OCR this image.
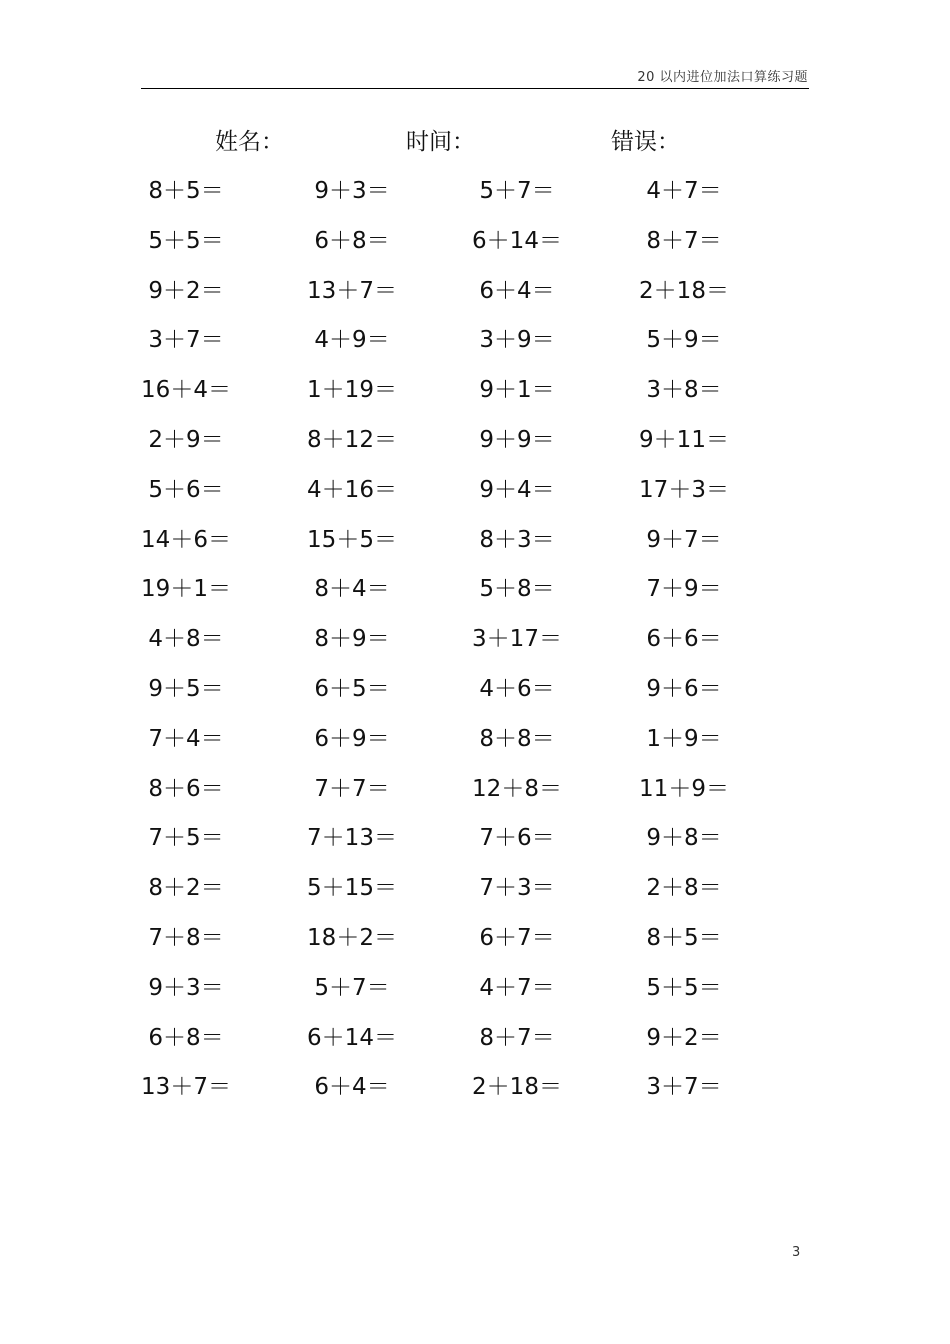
20 以内进位加法口算练习题
姓名：	时间：	错误：
8＋5＝	9＋3＝	5＋7＝	4＋7＝
5＋5＝	6＋8＝	6＋14＝	8＋7＝
9＋2＝	13＋7＝	6＋4＝	2＋18＝
3＋7＝	4＋9＝	3＋9＝	5＋9＝
16＋4＝	1＋19＝	9＋1＝	3＋8＝
2＋9＝	8＋12＝	9＋9＝	9＋11＝
5＋6＝	4＋16＝	9＋4＝	17＋3＝
14＋6＝	15＋5＝	8＋3＝	9＋7＝
19＋1＝	8＋4＝	5＋8＝	7＋9＝
4＋8＝	8＋9＝	3＋17＝	6＋6＝
9＋5＝	6＋5＝	4＋6＝	9＋6＝
7＋4＝	6＋9＝	8＋8＝	1＋9＝
8＋6＝	7＋7＝	12＋8＝	11＋9＝
7＋5＝	7＋13＝	7＋6＝	9＋8＝
8＋2＝	5＋15＝	7＋3＝	2＋8＝
7＋8＝	18＋2＝	6＋7＝	8＋5＝
9＋3＝	5＋7＝	4＋7＝	5＋5＝
6＋8＝	6＋14＝	8＋7＝	9＋2＝
13＋7＝	6＋4＝	2＋18＝	3＋7＝
3
